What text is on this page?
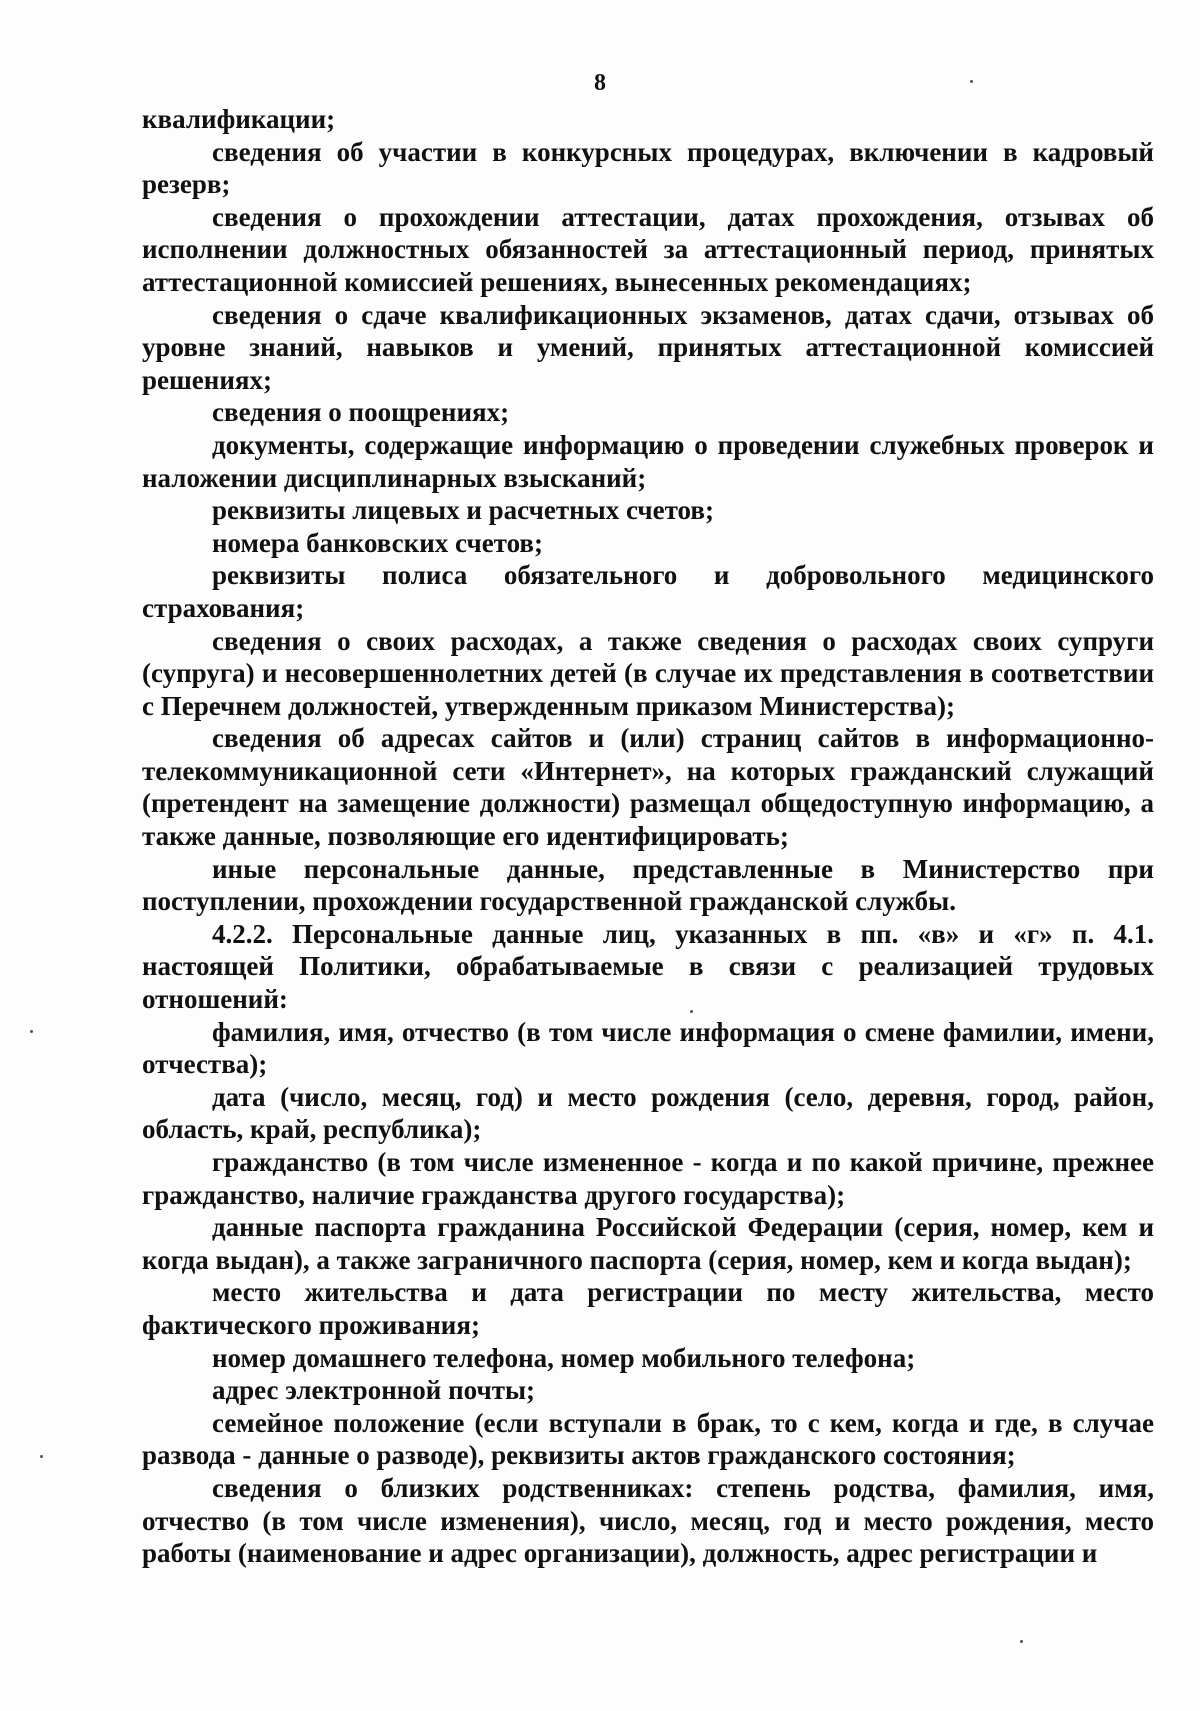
8

квалификации;

сведения об участии в конкурсных процедурах, включении в кадровый резерв;

сведения о прохождении аттестации, датах прохождения, отзывах об исполнении должностных обязанностей за аттестационный период, принятых аттестационной комиссией решениях, вынесенных рекомендациях;

сведения о сдаче квалификационных экзаменов, датах сдачи, отзывах об уровне знаний, навыков и умений, принятых аттестационной комиссией решениях;

сведения о поощрениях;

документы, содержащие информацию о проведении служебных проверок и наложении дисциплинарных взысканий;

реквизиты лицевых и расчетных счетов;

номера банковских счетов;

реквизиты полиса обязательного и добровольного медицинского страхования;

сведения о своих расходах, а также сведения о расходах своих супруги (супруга) и несовершеннолетних детей (в случае их представления в соответствии с Перечнем должностей, утвержденным приказом Министерства);

сведения об адресах сайтов и (или) страниц сайтов в информационно-телекоммуникационной сети «Интернет», на которых гражданский служащий (претендент на замещение должности) размещал общедоступную информацию, а также данные, позволяющие его идентифицировать;

иные персональные данные, представленные в Министерство при поступлении, прохождении государственной гражданской службы.

4.2.2. Персональные данные лиц, указанных в пп. «в» и «г» п. 4.1. настоящей Политики, обрабатываемые в связи с реализацией трудовых отношений:

фамилия, имя, отчество (в том числе информация о смене фамилии, имени, отчества);

дата (число, месяц, год) и место рождения (село, деревня, город, район, область, край, республика);

гражданство (в том числе измененное - когда и по какой причине, прежнее гражданство, наличие гражданства другого государства);

данные паспорта гражданина Российской Федерации (серия, номер, кем и когда выдан), а также заграничного паспорта (серия, номер, кем и когда выдан);

место жительства и дата регистрации по месту жительства, место фактического проживания;

номер домашнего телефона, номер мобильного телефона;

адрес электронной почты;

семейное положение (если вступали в брак, то с кем, когда и где, в случае развода - данные о разводе), реквизиты актов гражданского состояния;

сведения о близких родственниках: степень родства, фамилия, имя, отчество (в том числе изменения), число, месяц, год и место рождения, место работы (наименование и адрес организации), должность, адрес регистрации и
